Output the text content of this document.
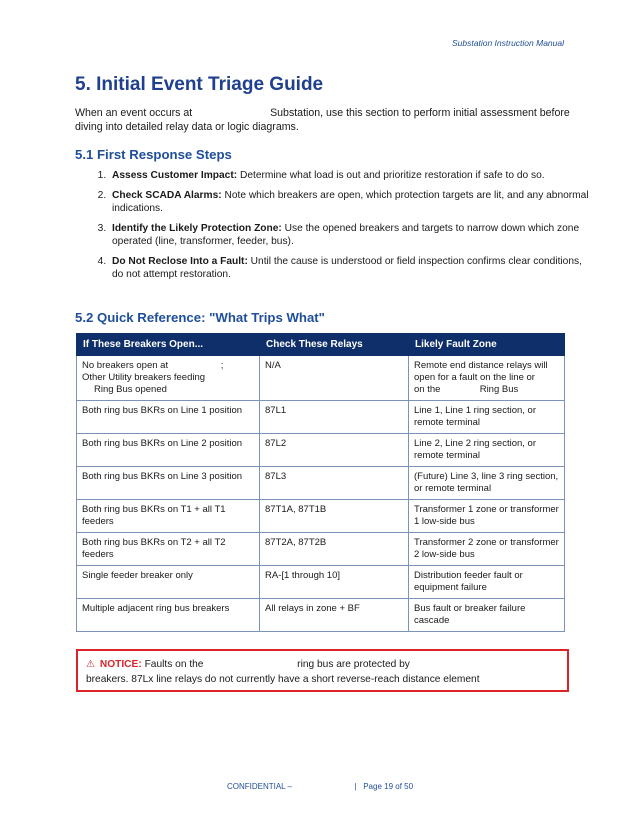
Substation Instruction Manual
5. Initial Event Triage Guide
When an event occurs at	Substation, use this section to perform initial assessment before diving into detailed relay data or logic diagrams.
5.1 First Response Steps
1. Assess Customer Impact: Determine what load is out and prioritize restoration if safe to do so.
2. Check SCADA Alarms: Note which breakers are open, which protection targets are lit, and any abnormal indications.
3. Identify the Likely Protection Zone: Use the opened breakers and targets to narrow down which zone operated (line, transformer, feeder, bus).
4. Do Not Reclose Into a Fault: Until the cause is understood or field inspection confirms clear conditions, do not attempt restoration.
5.2 Quick Reference: "What Trips What"
If These Breakers Open...	Check These Relays	Likely Fault Zone
No breakers open at ;
Other Utility breakers feeding
Ring Bus opened	N/A	Remote end distance relays will open for a fault on the line or
on the Ring Bus
Both ring bus BKRs on Line 1 position	87L1	Line 1, Line 1 ring section, or remote terminal
Both ring bus BKRs on Line 2 position	87L2	Line 2, Line 2 ring section, or remote terminal
Both ring bus BKRs on Line 3 position	87L3	(Future) Line 3, line 3 ring section, or remote terminal
Both ring bus BKRs on T1 + all T1 feeders	87T1A, 87T1B	Transformer 1 zone or transformer 1 low-side bus
Both ring bus BKRs on T2 + all T2 feeders	87T2A, 87T2B	Transformer 2 zone or transformer 2 low-side bus
Single feeder breaker only	RA-[1 through 10]	Distribution feeder fault or equipment failure
Multiple adjacent ring bus breakers	All relays in zone + BF	Bus fault or breaker failure cascade
⚠ NOTICE: Faults on the	ring bus are protected by
breakers. 87Lx line relays do not currently have a short reverse-reach distance element
CONFIDENTIAL –	| Page 19 of 50
